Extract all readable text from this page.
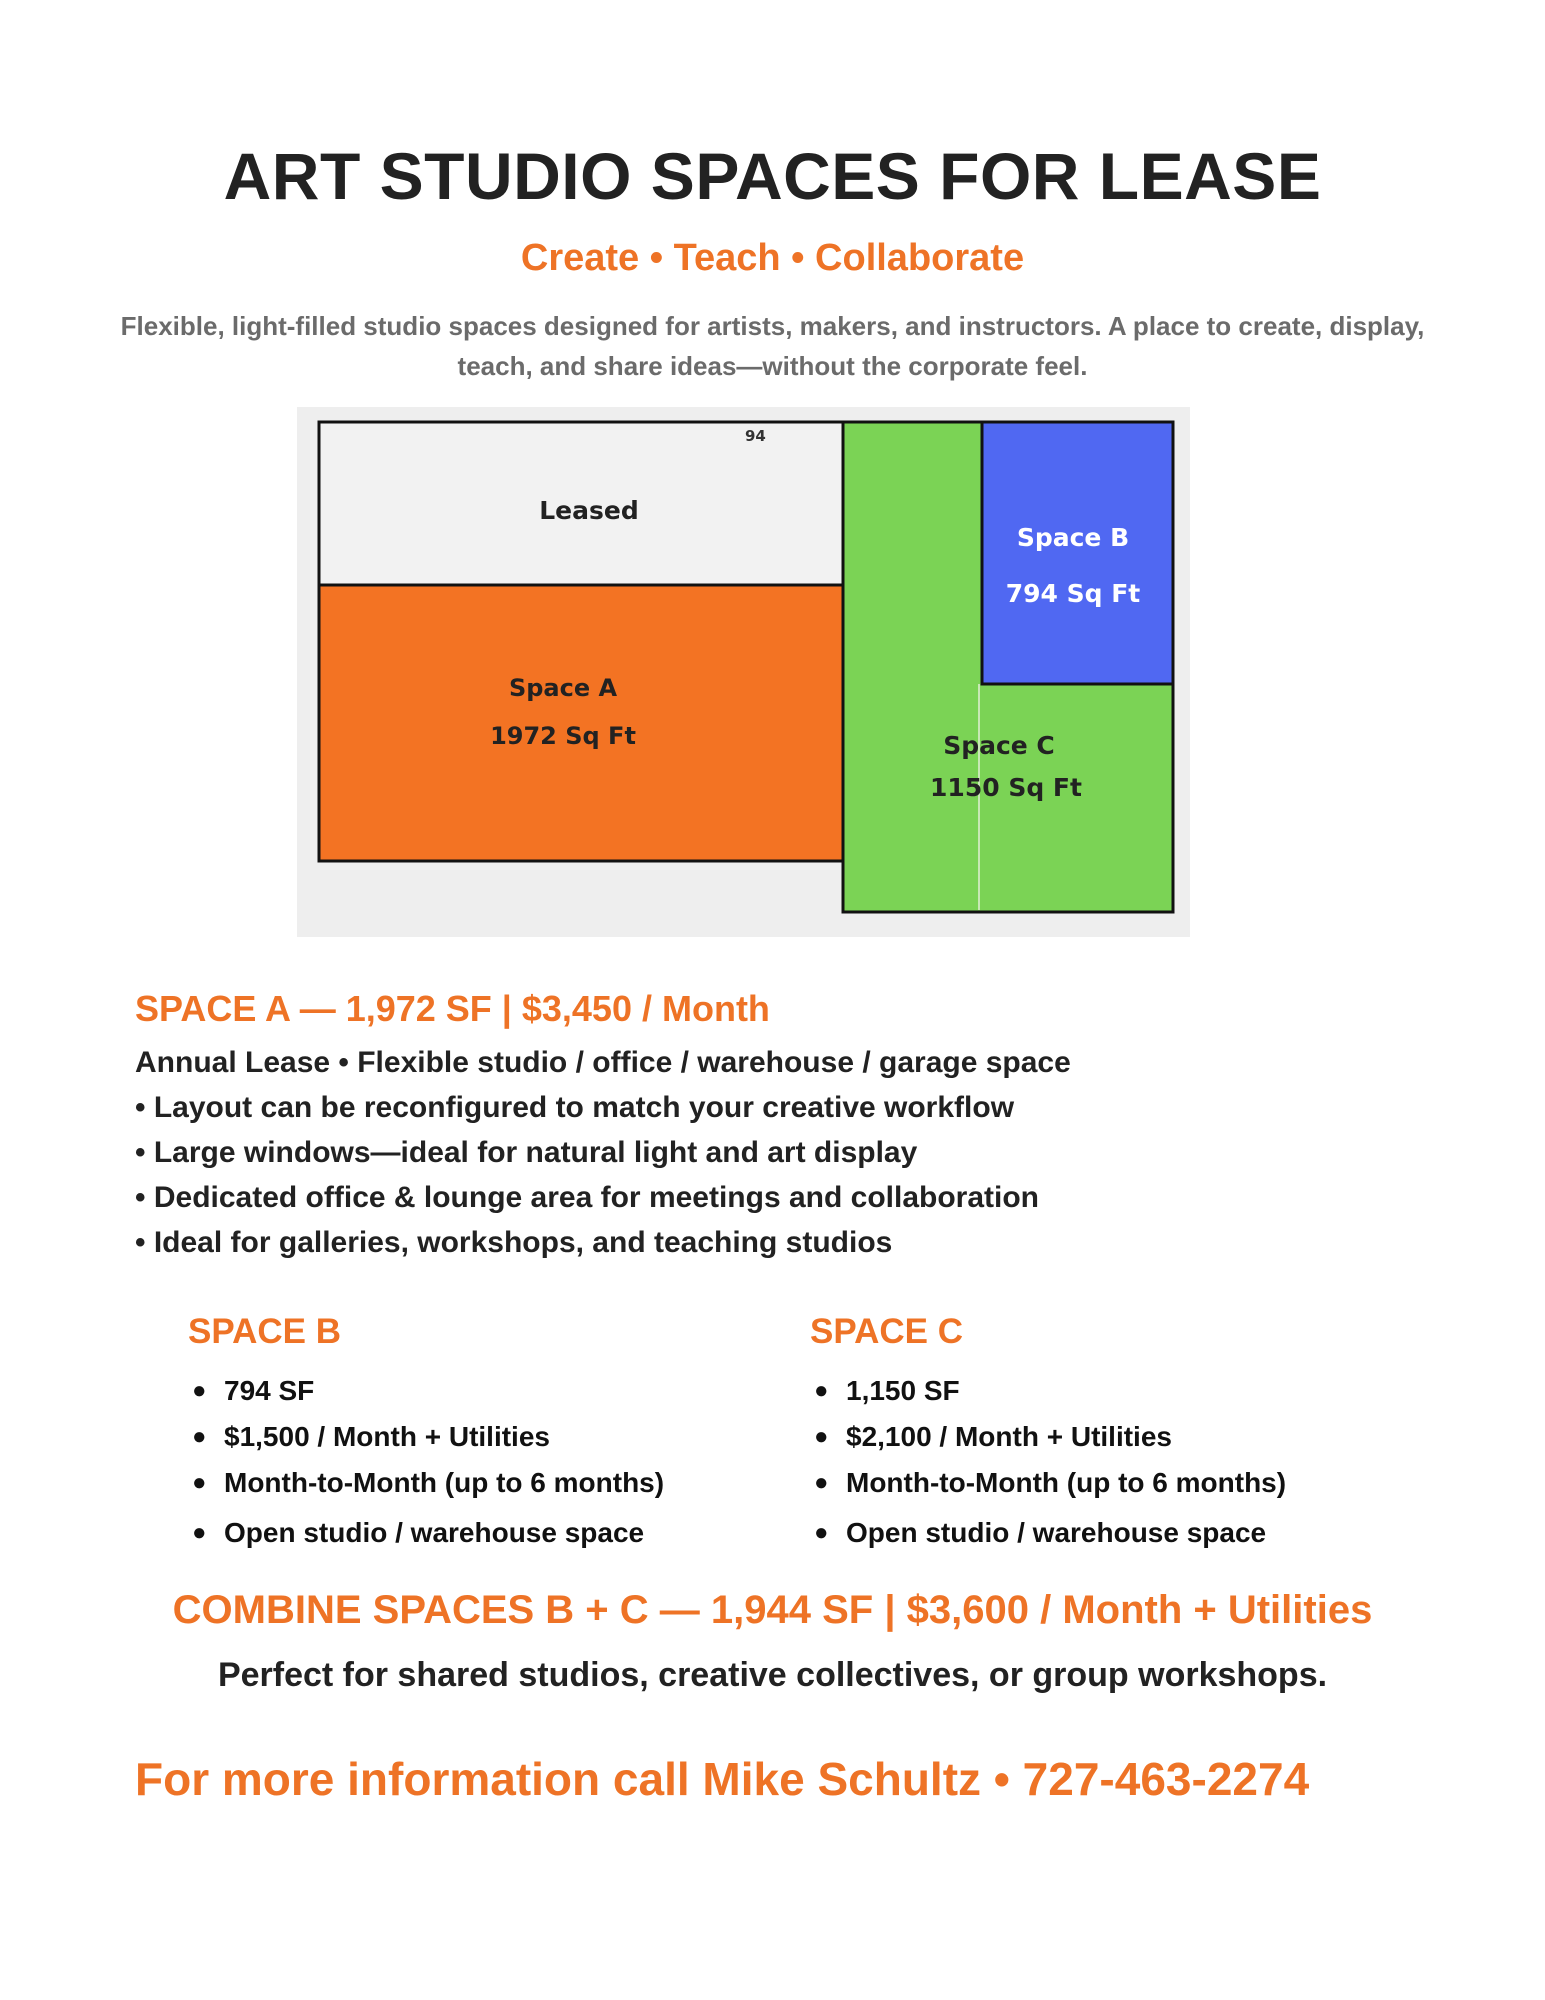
ART STUDIO SPACES FOR LEASE
Create • Teach • Collaborate
Flexible, light-filled studio spaces designed for artists, makers, and instructors. A place to create, display, teach, and share ideas—without the corporate feel.
94
Leased
Space A
1972 Sq Ft
Space B
794 Sq Ft
Space C
1150 Sq Ft
SPACE A — 1,972 SF | $3,450 / Month
Annual Lease • Flexible studio / office / warehouse / garage space
• Layout can be reconfigured to match your creative workflow
• Large windows—ideal for natural light and art display
• Dedicated office & lounge area for meetings and collaboration
• Ideal for galleries, workshops, and teaching studios
SPACE B
● 794 SF
● $1,500 / Month + Utilities
● Month-to-Month (up to 6 months)
● Open studio / warehouse space
SPACE C
● 1,150 SF
● $2,100 / Month + Utilities
● Month-to-Month (up to 6 months)
● Open studio / warehouse space
COMBINE SPACES B + C — 1,944 SF | $3,600 / Month + Utilities
Perfect for shared studios, creative collectives, or group workshops.
For more information call Mike Schultz • 727-463-2274
